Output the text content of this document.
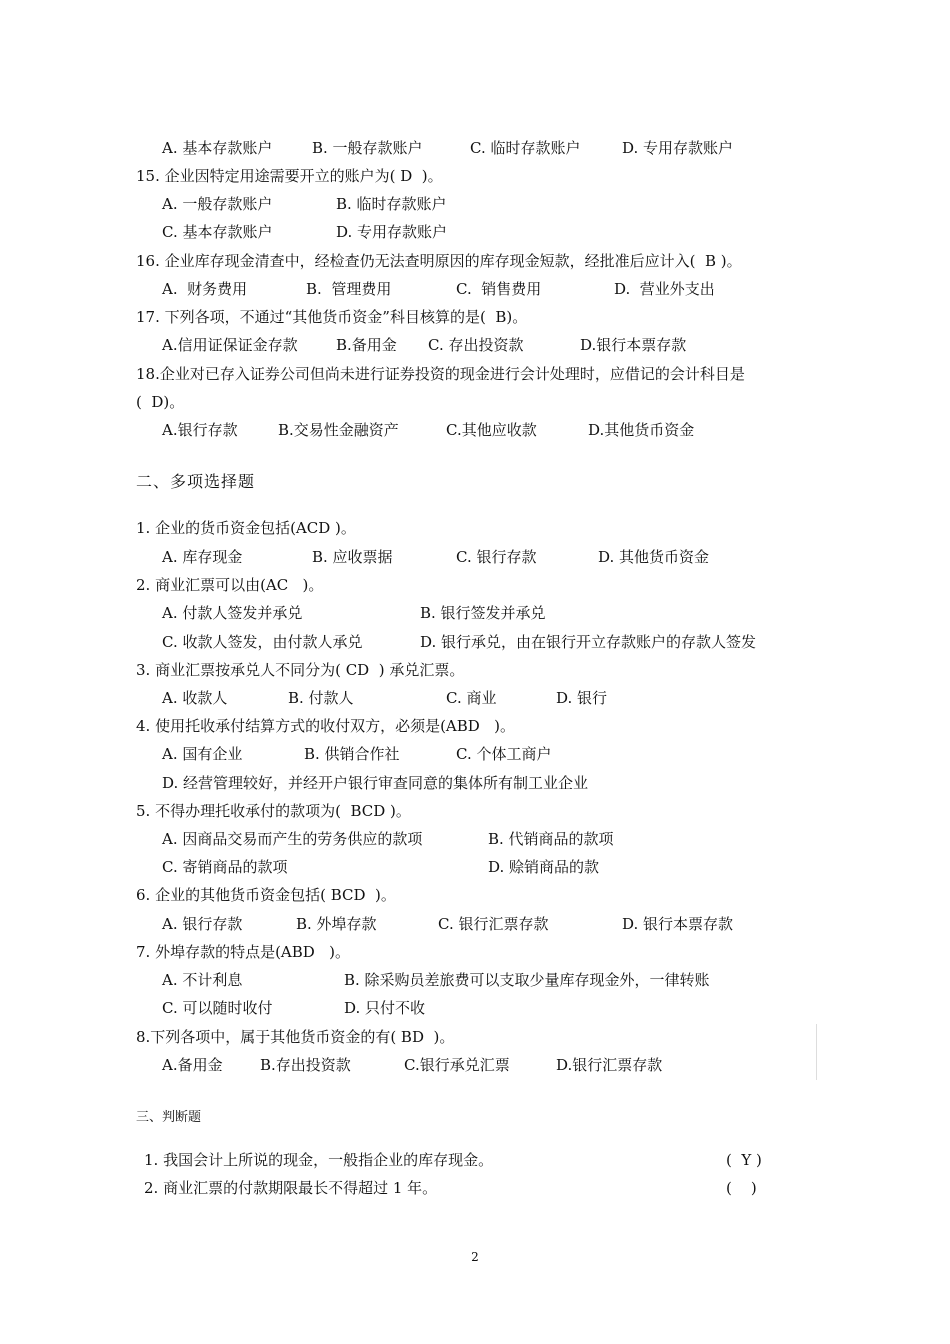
A. 基本存款账户	B. 一般存款账户	C. 临时存款账户	D. 专用存款账户
15. 企业因特定用途需要开立的账户为( D  )。
A. 一般存款账户	B. 临时存款账户
C. 基本存款账户	D. 专用存款账户
16. 企业库存现金清查中，经检查仍无法查明原因的库存现金短款，经批准后应计入(  B )。
A.  财务费用	B.  管理费用	C.  销售费用	D.  营业外支出
17. 下列各项，不通过“其他货币资金”科目核算的是(  B)。
A.信用证保证金存款	B.备用金 C. 存出投资款	D.银行本票存款
18.企业对已存入证券公司但尚未进行证券投资的现金进行会计处理时，应借记的会计科目是
(  D)。
A.银行存款	B.交易性金融资产	C.其他应收款	D.其他货币资金
二、多项选择题
1. 企业的货币资金包括(ACD )。
A. 库存现金	B. 应收票据	C. 银行存款	D. 其他货币资金
2. 商业汇票可以由(AC   )。
A. 付款人签发并承兑	B. 银行签发并承兑
C. 收款人签发，由付款人承兑	D. 银行承兑，由在银行开立存款账户的存款人签发
3. 商业汇票按承兑人不同分为( CD  ) 承兑汇票。
A. 收款人	B. 付款人	C. 商业	D. 银行
4. 使用托收承付结算方式的收付双方，必须是(ABD   )。
A. 国有企业	B. 供销合作社	C. 个体工商户
D. 经营管理较好，并经开户银行审查同意的集体所有制工业企业
5. 不得办理托收承付的款项为(  BCD )。
A. 因商品交易而产生的劳务供应的款项	B. 代销商品的款项
C. 寄销商品的款项	D. 赊销商品的款
6. 企业的其他货币资金包括( BCD  )。
A. 银行存款	B. 外埠存款	C. 银行汇票存款	D. 银行本票存款
7. 外埠存款的特点是(ABD   )。
A. 不计利息	B. 除采购员差旅费可以支取少量库存现金外，一律转账
C. 可以随时收付	D. 只付不收
8.下列各项中，属于其他货币资金的有( BD  )。
A.备用金 B.存出投资款	C.银行承兑汇票	D.银行汇票存款
三、判断题
1. 我国会计上所说的现金，一般指企业的库存现金。	(  Y )
2. 商业汇票的付款期限最长不得超过 1 年。	(    )
2
